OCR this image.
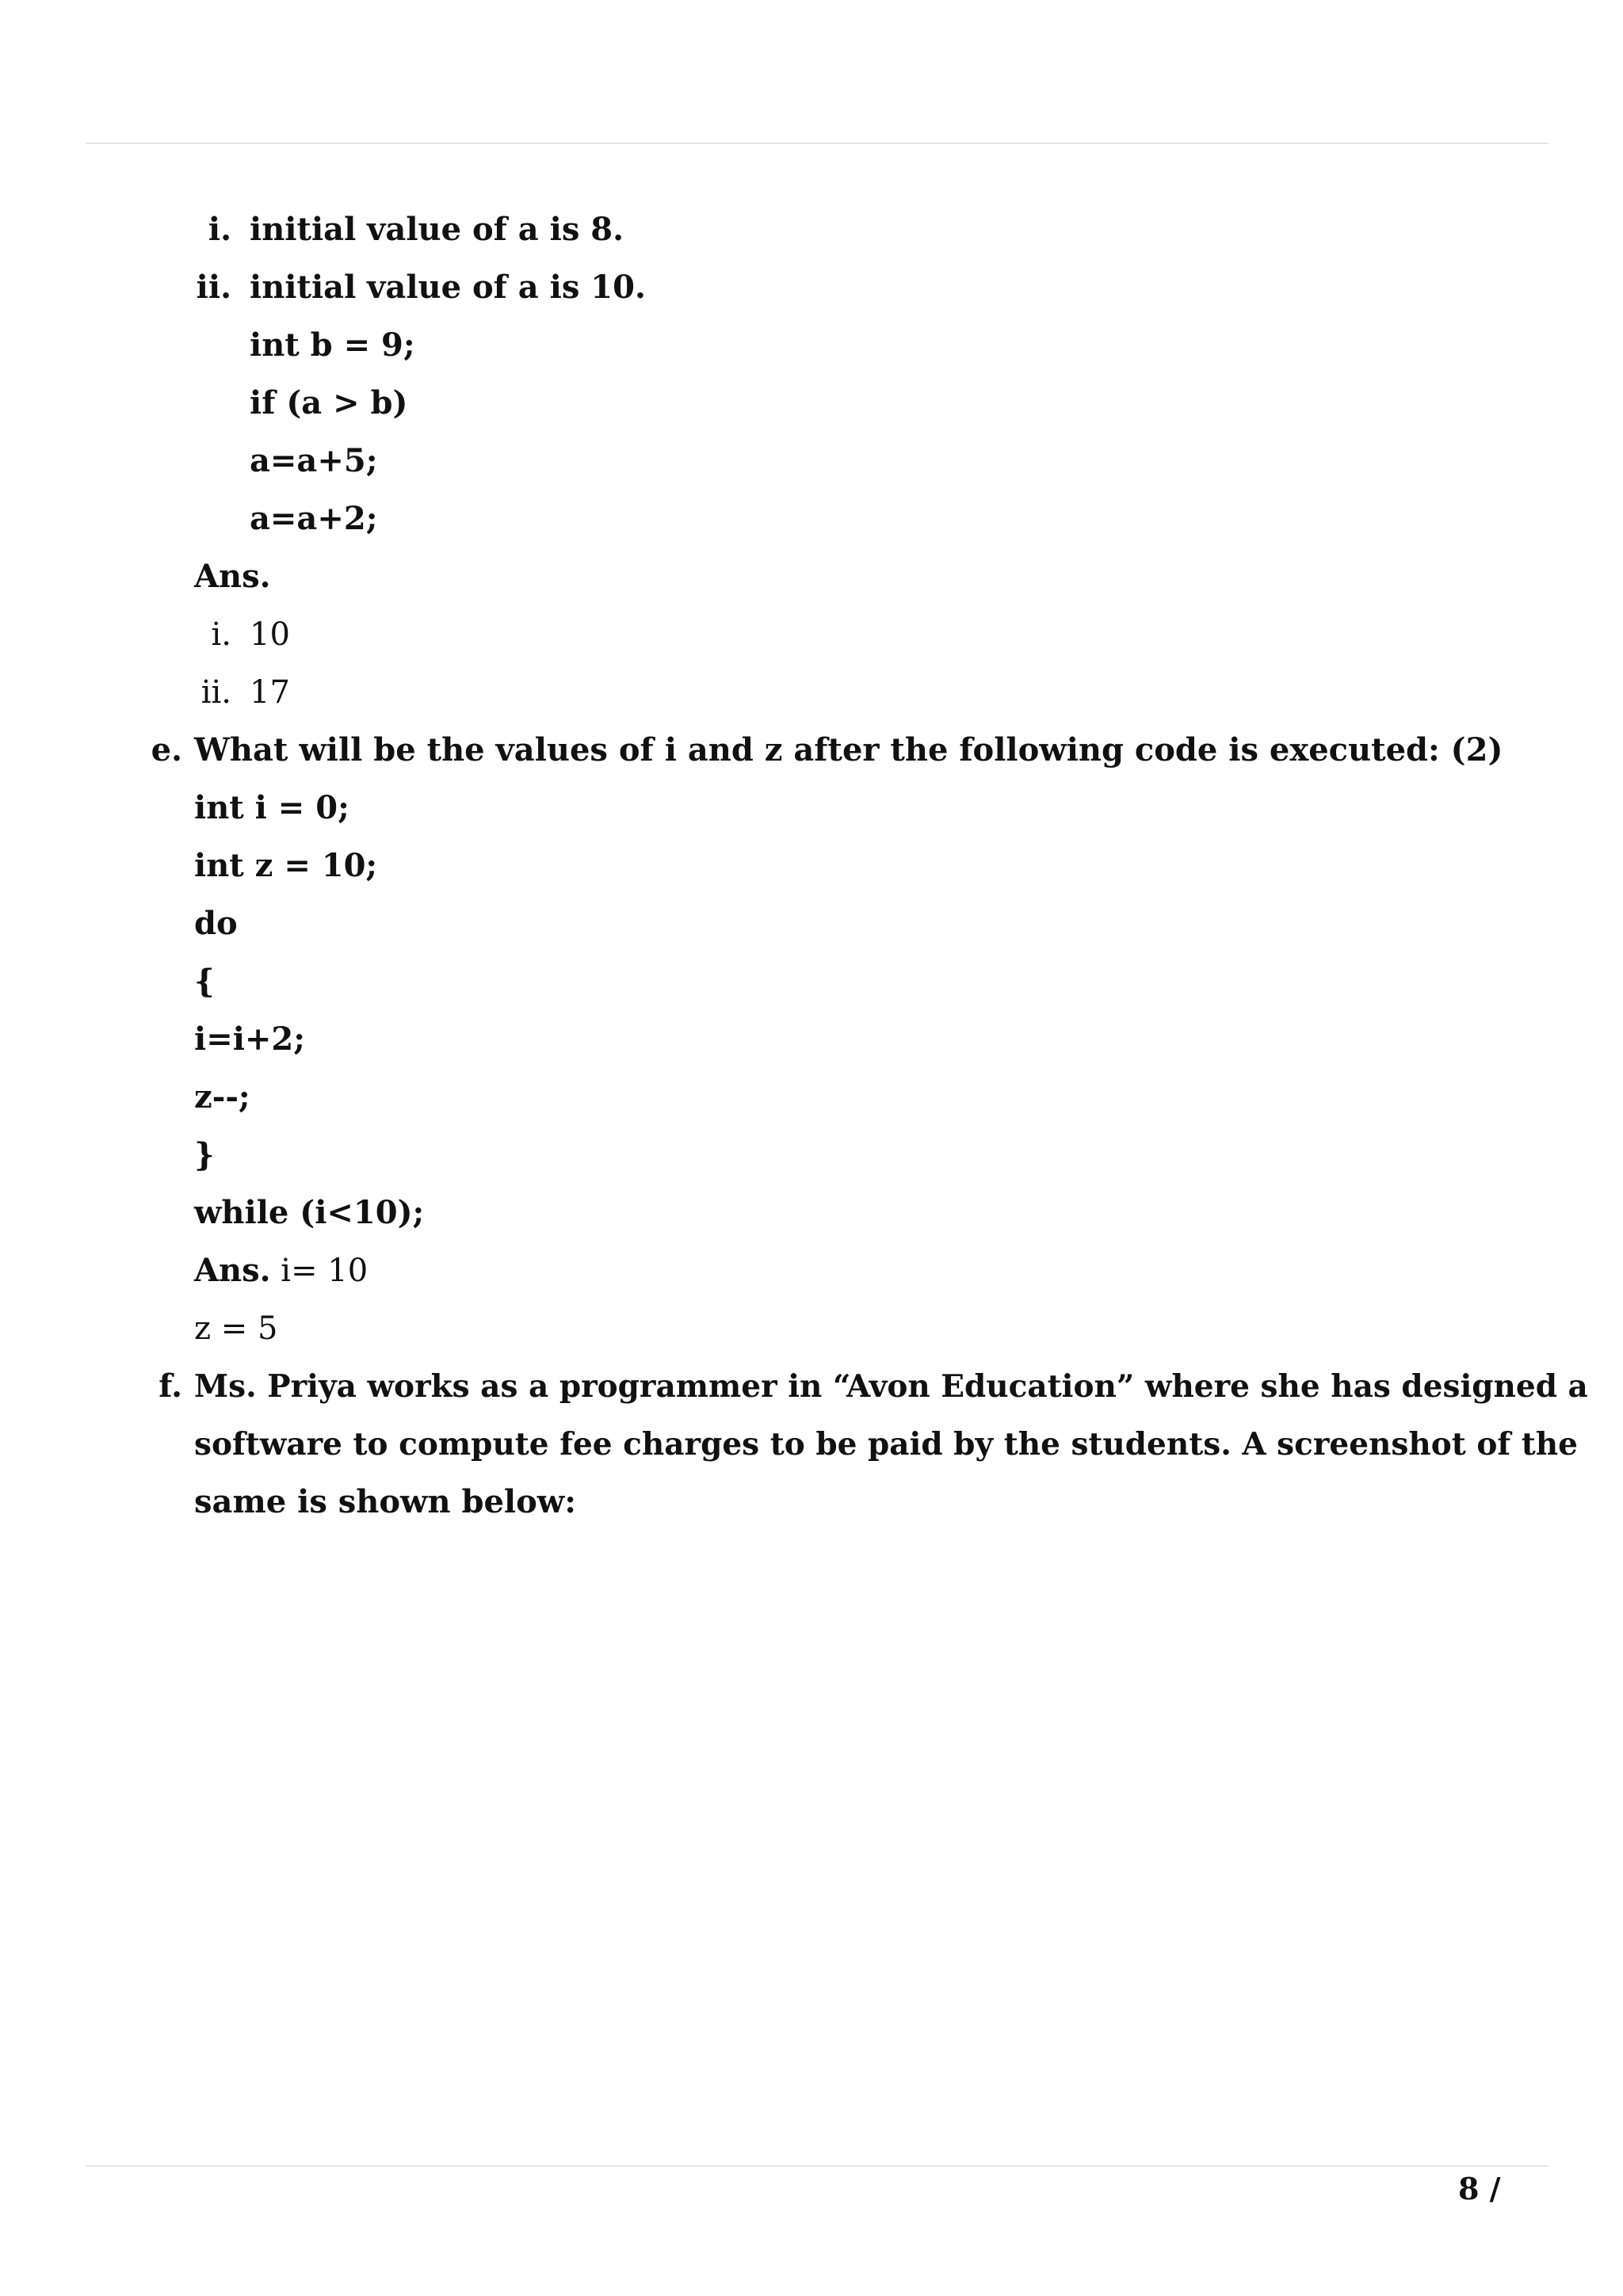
i. initial value of a is 8.
ii. initial value of a is 10.
int b = 9;
if (a > b)
a=a+5;
a=a+2;
Ans.
i. 10
ii. 17
e. What will be the values of i and z after the following code is executed: (2)
int i = 0;
int z = 10;
do
{
i=i+2;
z--;
}
while (i<10);
Ans. i= 10
z = 5
f. Ms. Priya works as a programmer in “Avon Education” where she has designed a
software to compute fee charges to be paid by the students. A screenshot of the
same is shown below:
8 /
